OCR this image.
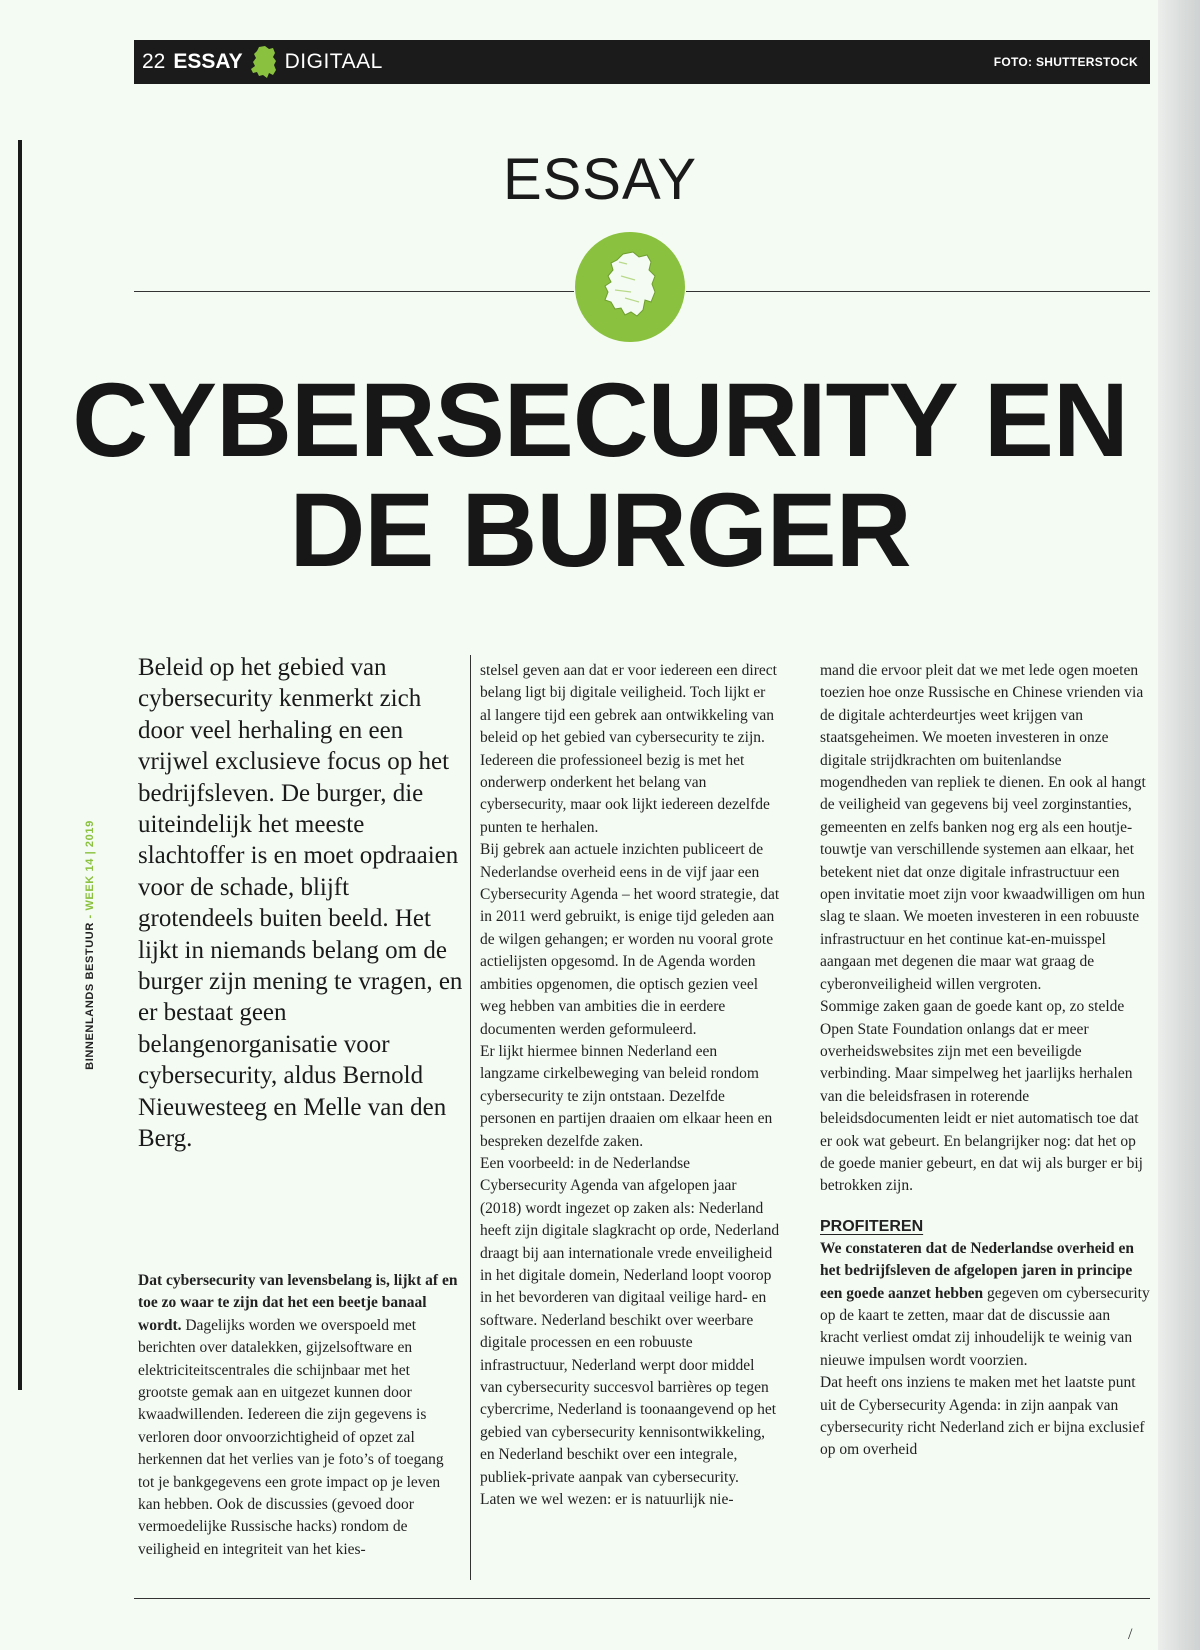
22 ESSAY DIGITAAL	FOTO: SHUTTERSTOCK
ESSAY
CYBERSECURITY EN DE BURGER
BINNENLANDS BESTUUR - WEEK 14 | 2019

Beleid op het gebied van cybersecurity kenmerkt zich door veel herhaling en een vrijwel exclusieve focus op het bedrijfsleven. De burger, die uiteindelijk het meeste slachtoffer is en moet opdraaien voor de schade, blijft grotendeels buiten beeld. Het lijkt in niemands belang om de burger zijn mening te vragen, en er bestaat geen belangenorganisatie voor cybersecurity, aldus Bernold Nieuwesteeg en Melle van den Berg.

Dat cybersecurity van levensbelang is, lijkt af en toe zo waar te zijn dat het een beetje banaal wordt. Dagelijks worden we overspoeld met berichten over datalekken, gijzelsoftware en elektriciteitscentrales die schijnbaar met het grootste gemak aan en uitgezet kunnen door kwaadwillenden. Iedereen die zijn gegevens is verloren door onvoorzichtigheid of opzet zal herkennen dat het verlies van je foto’s of toegang tot je bankgegevens een grote impact op je leven kan hebben. Ook de discussies (gevoed door vermoedelijke Russische hacks) rondom de veiligheid en integriteit van het kies-

stelsel geven aan dat er voor iedereen een direct belang ligt bij digitale veiligheid. Toch lijkt er al langere tijd een gebrek aan ontwikkeling van beleid op het gebied van cybersecurity te zijn. Iedereen die professioneel bezig is met het onderwerp onderkent het belang van cybersecurity, maar ook lijkt iedereen dezelfde punten te herhalen.

Bij gebrek aan actuele inzichten publiceert de Nederlandse overheid eens in de vijf jaar een Cybersecurity Agenda – het woord strategie, dat in 2011 werd gebruikt, is enige tijd geleden aan de wilgen gehangen; er worden nu vooral grote actielijsten opgesomd. In de Agenda worden ambities opgenomen, die optisch gezien veel weg hebben van ambities die in eerdere documenten werden geformuleerd.

Er lijkt hiermee binnen Nederland een langzame cirkelbeweging van beleid rondom cybersecurity te zijn ontstaan. Dezelfde personen en partijen draaien om elkaar heen en bespreken dezelfde zaken.

Een voorbeeld: in de Nederlandse Cybersecurity Agenda van afgelopen jaar (2018) wordt ingezet op zaken als: Nederland heeft zijn digitale slagkracht op orde, Nederland draagt bij aan internationale vrede enveiligheid in het digitale domein, Nederland loopt voorop in het bevorderen van digitaal veilige hard- en software. Nederland beschikt over weerbare digitale processen en een robuuste infrastructuur, Nederland werpt door middel van cybersecurity succesvol barrières op tegen cybercrime, Nederland is toonaangevend op het gebied van cybersecurity kennisontwikkeling, en Nederland beschikt over een integrale, publiek-private aanpak van cybersecurity.

Laten we wel wezen: er is natuurlijk nie-

mand die ervoor pleit dat we met lede ogen moeten toezien hoe onze Russische en Chinese vrienden via de digitale achterdeurtjes weet krijgen van staatsgeheimen. We moeten investeren in onze digitale strijdkrachten om buitenlandse mogendheden van repliek te dienen. En ook al hangt de veiligheid van gegevens bij veel zorginstanties, gemeenten en zelfs banken nog erg als een houtje-touwtje van verschillende systemen aan elkaar, het betekent niet dat onze digitale infrastructuur een open invitatie moet zijn voor kwaadwilligen om hun slag te slaan. We moeten investeren in een robuuste infrastructuur en het continue kat-en-muisspel aangaan met degenen die maar wat graag de cyberonveiligheid willen vergroten.

Sommige zaken gaan de goede kant op, zo stelde Open State Foundation onlangs dat er meer overheidswebsites zijn met een beveiligde verbinding. Maar simpelweg het jaarlijks herhalen van die beleidsfrasen in roterende beleidsdocumenten leidt er niet automatisch toe dat er ook wat gebeurt. En belangrijker nog: dat het op de goede manier gebeurt, en dat wij als burger er bij betrokken zijn.

PROFITEREN

We constateren dat de Nederlandse overheid en het bedrijfsleven de afgelopen jaren in principe een goede aanzet hebben gegeven om cybersecurity op de kaart te zetten, maar dat de discussie aan kracht verliest omdat zij inhoudelijk te weinig van nieuwe impulsen wordt voorzien.

Dat heeft ons inziens te maken met het laatste punt uit de Cybersecurity Agenda: in zijn aanpak van cybersecurity richt Nederland zich er bijna exclusief op om overheid

/
